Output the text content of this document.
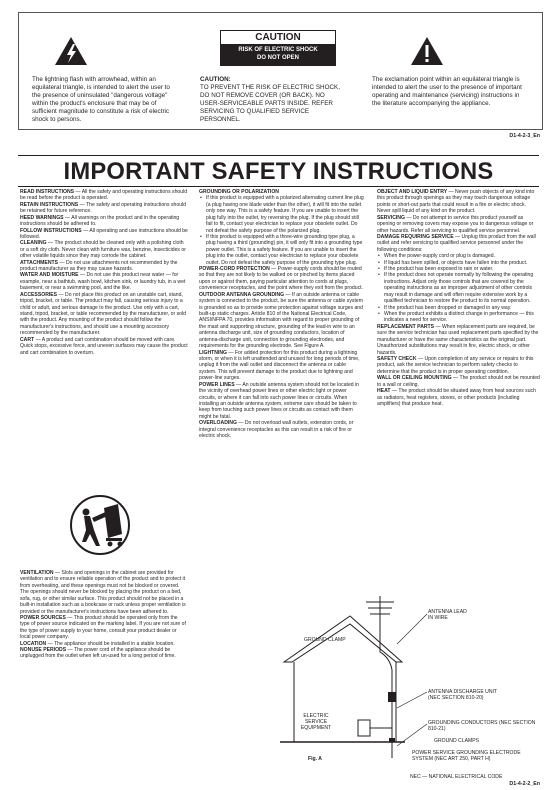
CAUTION
RISK OF ELECTRIC SHOCK
DO NOT OPEN
The lightning flash with arrowhead, within an equilateral triangle, is intended to alert the user to the presence of uninsulated "dangerous voltage" within the product's enclosure that may be of sufficient magnitude to constitute a risk of electric shock to persons.
CAUTION:
TO PREVENT THE RISK OF ELECTRIC SHOCK, DO NOT REMOVE COVER (OR BACK). NO USER-SERVICEABLE PARTS INSIDE. REFER SERVICING TO QUALIFIED SERVICE PERSONNEL.
The exclamation point within an equilateral triangle is intended to alert the user to the presence of important operating and maintenance (servicing) instructions in the literature accompanying the appliance.
D1-4-2-3_En
IMPORTANT SAFETY INSTRUCTIONS

READ INSTRUCTIONS — All the safety and operating instructions should be read before the product is operated.

RETAIN INSTRUCTIONS — The safety and operating instructions should be retained for future reference.

HEED WARNINGS — All warnings on the product and in the operating instructions should be adhered to.

FOLLOW INSTRUCTIONS — All operating and use instructions should be followed.

CLEANING — The product should be cleaned only with a polishing cloth or a soft dry cloth. Never clean with furniture wax, benzine, insecticides or other volatile liquids since they may corrode the cabinet.

ATTACHMENTS — Do not use attachments not recommended by the product manufacturer as they may cause hazards.

WATER AND MOISTURE — Do not use this product near water — for example, near a bathtub, wash bowl, kitchen sink, or laundry tub, in a wet basement, or near a swimming pool, and the like.

ACCESSORIES — Do not place this product on an unstable cart, stand, tripod, bracket, or table. The product may fall, causing serious injury to a child or adult, and serious damage to the product. Use only with a cart, stand, tripod, bracket, or table recommended by the manufacturer, or sold with the product. Any mounting of the product should follow the manufacturer's instructions, and should use a mounting accessory recommended by the manufacturer.

CART — A product and cart combination should be moved with care. Quick stops, excessive force, and uneven surfaces may cause the product and cart combination to overturn.

VENTILATION — Slots and openings in the cabinet are provided for ventilation and to ensure reliable operation of the product and to protect it from overheating, and these openings must not be blocked or covered. The openings should never be blocked by placing the product on a bed, sofa, rug, or other similar surface. This product should not be placed in a built-in installation such as a bookcase or rack unless proper ventilation is provided or the manufacturer's instructions have been adhered to.

POWER SOURCES — This product should be operated only from the type of power source indicated on the marking label. If you are not sure of the type of power supply to your home, consult your product dealer or local power company.

LOCATION — The appliance should be installed in a stable location.

NONUSE PERIODS — The power cord of the appliance should be unplugged from the outlet when left un-used for a long period of time.

GROUNDING OR POLARIZATION

• If this product is equipped with a polarized alternating current line plug (a plug having one blade wider than the other), it will fit into the outlet only one way. This is a safety feature. If you are unable to insert the plug fully into the outlet, try reversing the plug. If the plug should still fail to fit, contact your electrician to replace your obsolete outlet. Do not defeat the safety purpose of the polarized plug.

• If this product is equipped with a three-wire grounding type plug, a plug having a third (grounding) pin, it will only fit into a grounding type power outlet. This is a safety feature. If you are unable to insert the plug into the outlet, contact your electrician to replace your obsolete outlet. Do not defeat the safety purpose of the grounding type plug.

POWER-CORD PROTECTION — Power-supply cords should be routed so that they are not likely to be walked on or pinched by items placed upon or against them, paying particular attention to cords at plugs, convenience receptacles, and the point where they exit from the product.

OUTDOOR ANTENNA GROUNDING — If an outside antenna or cable system is connected to the product, be sure the antenna or cable system is grounded so as to provide some protection against voltage surges and built-up static charges. Article 810 of the National Electrical Code, ANSI/NFPA 70, provides information with regard to proper grounding of the mast and supporting structure, grounding of the lead-in wire to an antenna discharge unit, size of grounding conductors, location of antenna-discharge unit, connection to grounding electrodes, and requirements for the grounding electrode. See Figure A.

LIGHTNING — For added protection for this product during a lightning storm, or when it is left unattended and unused for long periods of time, unplug it from the wall outlet and disconnect the antenna or cable system. This will prevent damage to the product due to lightning and power-line surges.

POWER LINES — An outside antenna system should not be located in the vicinity of overhead power lines or other electric light or power circuits, or where it can fall into such power lines or circuits. When installing an outside antenna system, extreme care should be taken to keep from touching such power lines or circuits as contact with them might be fatal.

OVERLOADING — Do not overload wall outlets, extension cords, or integral convenience receptacles as this can result in a risk of fire or electric shock.

OBJECT AND LIQUID ENTRY — Never push objects of any kind into this product through openings as they may touch dangerous voltage points or short-out parts that could result in a fire or electric shock. Never spill liquid of any kind on the product.

SERVICING — Do not attempt to service this product yourself as opening or removing covers may expose you to dangerous voltage or other hazards. Refer all servicing to qualified service personnel.

DAMAGE REQUIRING SERVICE — Unplug this product from the wall outlet and refer servicing to qualified service personnel under the following conditions:

• When the power-supply cord or plug is damaged.

• If liquid has been spilled, or objects have fallen into the product.

• If the product has been exposed to rain or water.

• If the product does not operate normally by following the operating instructions. Adjust only those controls that are covered by the operating instructions as an improper adjustment of other controls may result in damage and will often require extensive work by a qualified technician to restore the product to its normal operation.

• If the product has been dropped or damaged in any way.

• When the product exhibits a distinct change in performance — this indicates a need for service.

REPLACEMENT PARTS — When replacement parts are required, be sure the service technician has used replacement parts specified by the manufacturer or have the same characteristics as the original part. Unauthorized substitutions may result in fire, electric shock, or other hazards.

SAFETY CHECK — Upon completion of any service or repairs to this product, ask the service technician to perform safety checks to determine that the product is in proper operating condition.

WALL OR CEILING MOUNTING — The product should not be mounted to a wall or ceiling.

HEAT — The product should be situated away from heat sources such as radiators, heat registers, stoves, or other products (including amplifiers) that produce heat.

GROUND CLAMP
ANTENNA LEAD IN WIRE
ANTENNA DISCHARGE UNIT (NEC SECTION 810-20)
ELECTRIC SERVICE EQUIPMENT
GROUNDING CONDUCTORS (NEC SECTION 810-21)
GROUND CLAMPS
POWER SERVICE GROUNDING ELECTRODE SYSTEM (NEC ART 250, PART H)
NEC — NATIONAL ELECTRICAL CODE
Fig. A
D1-4-2-2_En
